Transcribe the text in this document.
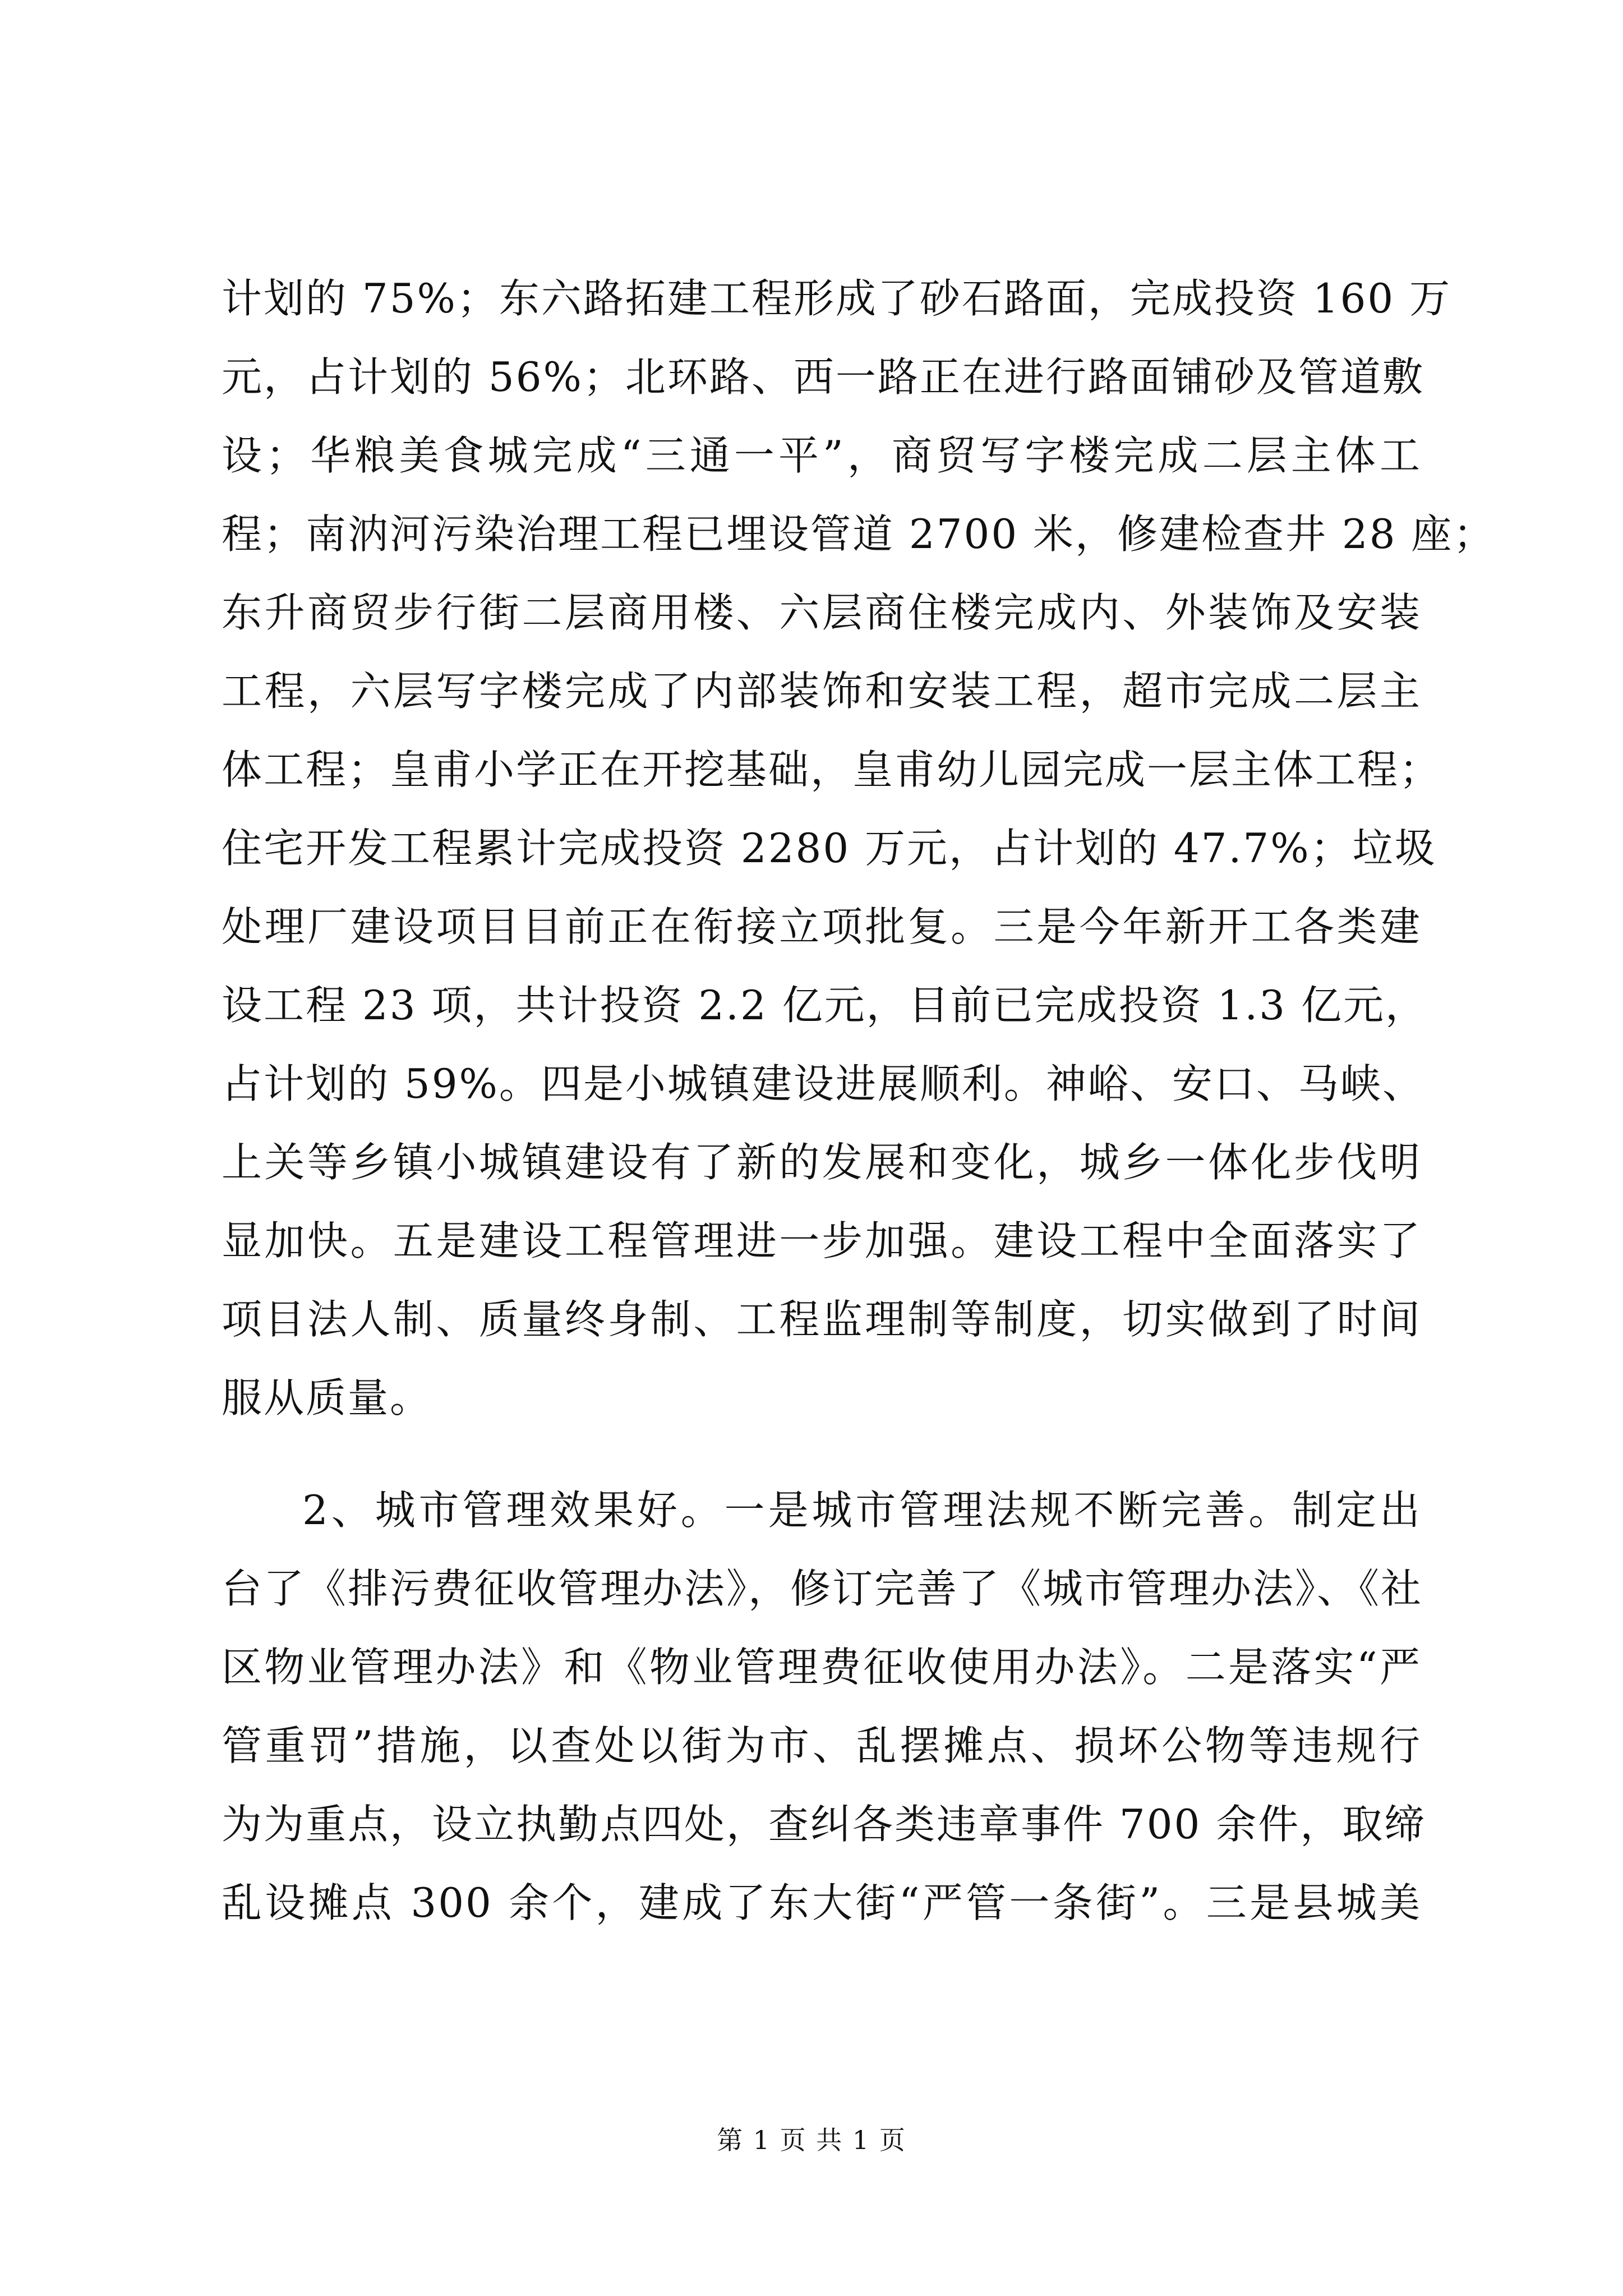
计划的 75%；东六路拓建工程形成了砂石路面，完成投资 160 万
元，占计划的 56%；北环路、西一路正在进行路面铺砂及管道敷
设；华粮美食城完成“三通一平”，商贸写字楼完成二层主体工
程；南汭河污染治理工程已埋设管道 2700 米，修建检查井 28 座；
东升商贸步行街二层商用楼、六层商住楼完成内、外装饰及安装
工程，六层写字楼完成了内部装饰和安装工程，超市完成二层主
体工程；皇甫小学正在开挖基础，皇甫幼儿园完成一层主体工程；
住宅开发工程累计完成投资 2280 万元，占计划的 47.7%；垃圾
处理厂建设项目目前正在衔接立项批复。三是今年新开工各类建
设工程 23 项，共计投资 2.2 亿元，目前已完成投资 1.3 亿元，
占计划的 59%。四是小城镇建设进展顺利。神峪、安口、马峡、
上关等乡镇小城镇建设有了新的发展和变化，城乡一体化步伐明
显加快。五是建设工程管理进一步加强。建设工程中全面落实了
项目法人制、质量终身制、工程监理制等制度，切实做到了时间
服从质量。
2、城市管理效果好。一是城市管理法规不断完善。制定出
台了《排污费征收管理办法》，修订完善了《城市管理办法》、《社
区物业管理办法》和《物业管理费征收使用办法》。二是落实“严
管重罚”措施，以查处以街为市、乱摆摊点、损坏公物等违规行
为为重点，设立执勤点四处，查纠各类违章事件 700 余件，取缔
乱设摊点 300 余个，建成了东大街“严管一条街”。三是县城美
第 1 页 共 1 页
